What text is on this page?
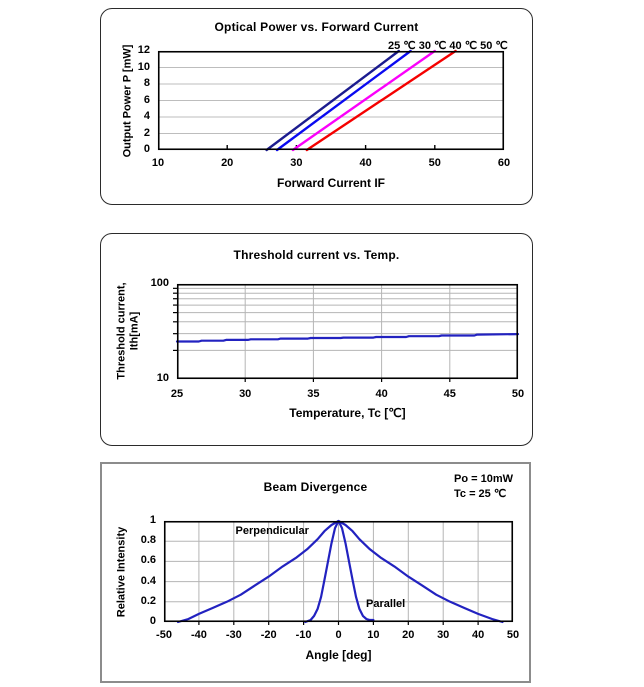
Optical Power vs. Forward Current
25 ℃ 30 ℃ 40 ℃ 50 ℃
Output Power P [mW]
Forward Current IF
10	20	30	40	50	60
0
2
4
6
8
10
12
Threshold current vs. Temp.
Threshold current, Ith[mA]
Temperature, Tc [℃]
25	30	35	40	45	50
10
100
Beam Divergence
Po = 10mW
Tc = 25 ℃
Relative Intensity
Angle [deg]
-50	-40	-30	-20	-10	0	10	20	30	40	50
0
0.2
0.4
0.6
0.8
1
Perpendicular
Parallel
